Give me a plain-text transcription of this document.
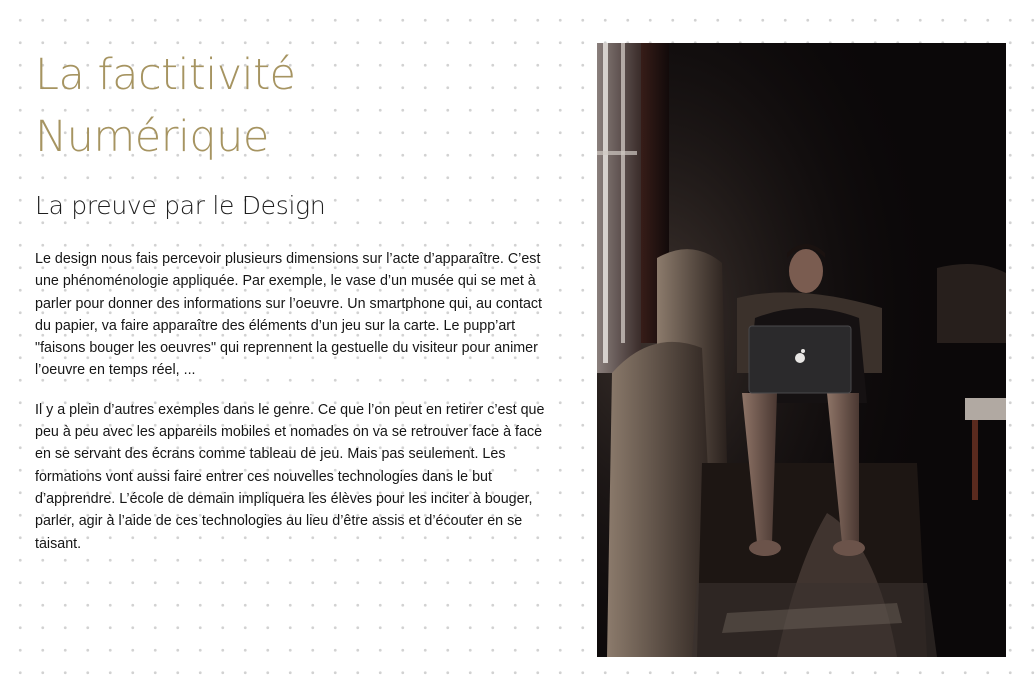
La factitivité
Numérique
La preuve par le Design

Le design nous fais percevoir plusieurs dimensions sur l’acte d’apparaître. C’est une phénoménologie appliquée. Par exemple, le vase d’un musée qui se met à parler pour donner des informations sur l’oeuvre. Un smartphone qui, au contact du papier, va faire apparaître des éléments d’un jeu sur la carte. Le pupp’art "faisons bouger les oeuvres" qui reprennent la gestuelle du visiteur pour animer l’oeuvre en temps réel, ...

Il y a plein d’autres exemples dans le genre. Ce que l’on peut en retirer c’est que peu à peu avec les appareils mobiles et nomades on va se retrouver face à face en se servant des écrans comme tableau de jeu. Mais pas seulement. Les formations vont aussi faire entrer ces nouvelles technologies dans le but d’apprendre. L’école de demain impliquera les élèves pour les inciter à bouger, parler, agir à l’aide de ces technologies au lieu d’être assis et d’écouter en se taisant.
